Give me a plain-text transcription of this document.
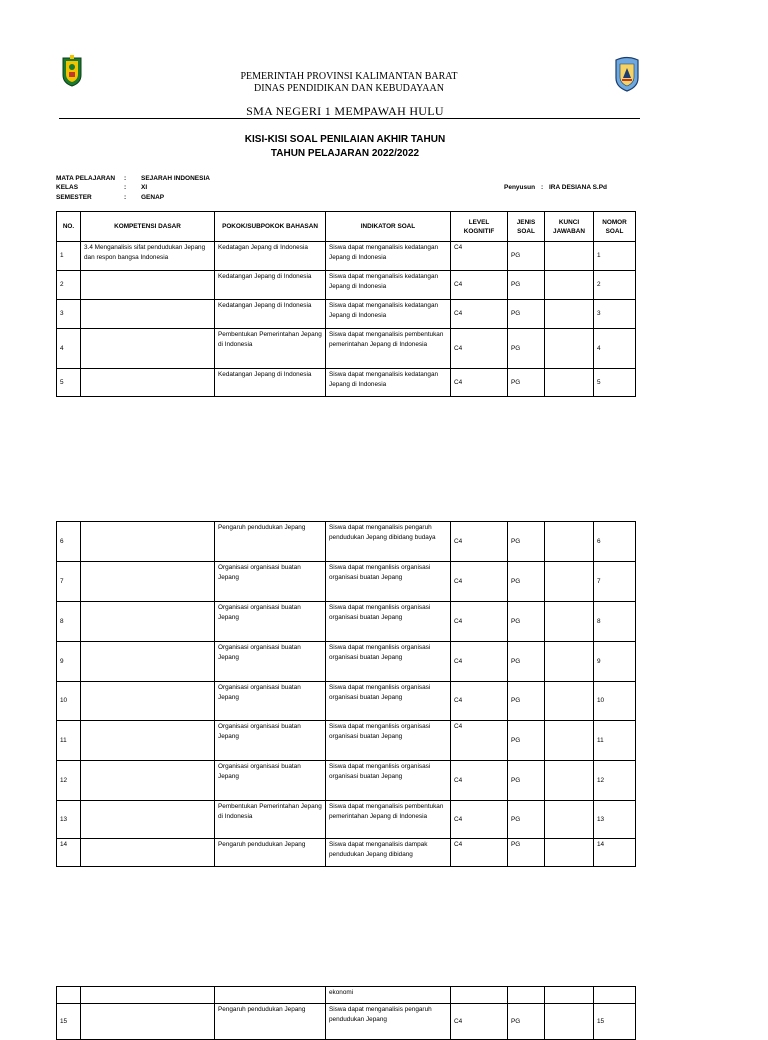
PEMERINTAH PROVINSI KALIMANTAN BARAT
DINAS PENDIDIKAN DAN KEBUDAYAAN
SMA NEGERI 1 MEMPAWAH HULU
KISI-KISI SOAL PENILAIAN AKHIR TAHUN
TAHUN PELAJARAN 2022/2022
MATA PELAJARAN : SEJARAH INDONESIA
KELAS	: XI
SEMESTER	: GENAP
Penyusun : IRA DESIANA S.Pd
NO.	KOMPETENSI DASAR	POKOK/SUBPOKOK BAHASAN	INDIKATOR SOAL	LEVEL KOGNITIF	JENIS SOAL	KUNCI JAWABAN	NOMOR SOAL
1	3.4 Menganalisis sifat pendudukan Jepang dan respon bangsa Indonesia	Kedatagan Jepang di Indonesia	Siswa dapat menganalisis kedatangan Jepang di Indonesia	C4	PG		1
2		Kedatangan Jepang di Indonesia	Siswa dapat menganalisis kedatangan Jepang di Indonesia	C4	PG		2
3		Kedatangan Jepang di Indonesia	Siswa dapat menganalisis kedatangan Jepang di Indonesia	C4	PG		3
4		Pembentukan Pemerintahan Jepang di Indonesia	Siswa dapat menganalisis pembentukan pemerintahan Jepang di Indonesia	C4	PG		4
5		Kedatangan Jepang di Indonesia	Siswa dapat menganalisis kedatangan Jepang di Indonesia	C4	PG		5
6		Pengaruh pendudukan Jepang	Siswa dapat menganalisis pengaruh pendudukan Jepang dibidang budaya	C4	PG		6
7		Organisasi organisasi buatan Jepang	Siswa dapat menganlisis organisasi organisasi buatan Jepang	C4	PG		7
8		Organisasi organisasi buatan Jepang	Siswa dapat menganlisis organisasi organisasi buatan Jepang	C4	PG		8
9		Organisasi organisasi buatan Jepang	Siswa dapat menganlisis organisasi organisasi buatan Jepang	C4	PG		9
10		Organisasi organisasi buatan Jepang	Siswa dapat menganlisis organisasi organisasi buatan Jepang	C4	PG		10
11		Organisasi organisasi buatan Jepang	Siswa dapat menganlisis organisasi organisasi buatan Jepang	C4	PG		11
12		Organisasi organisasi buatan Jepang	Siswa dapat menganlisis organisasi organisasi buatan Jepang	C4	PG		12
13		Pembentukan Pemerintahan Jepang di Indonesia	Siswa dapat menganalisis pembentukan pemerintahan Jepang di Indonesia	C4	PG		13
14		Pengaruh pendudukan Jepang	Siswa dapat menganalisis dampak pendudukan Jepang dibidang	C4	PG		14
			ekonomi				
15		Pengaruh pendudukan Jepang	Siswa dapat menganalisis pengaruh pendudukan Jepang	C4	PG		15
